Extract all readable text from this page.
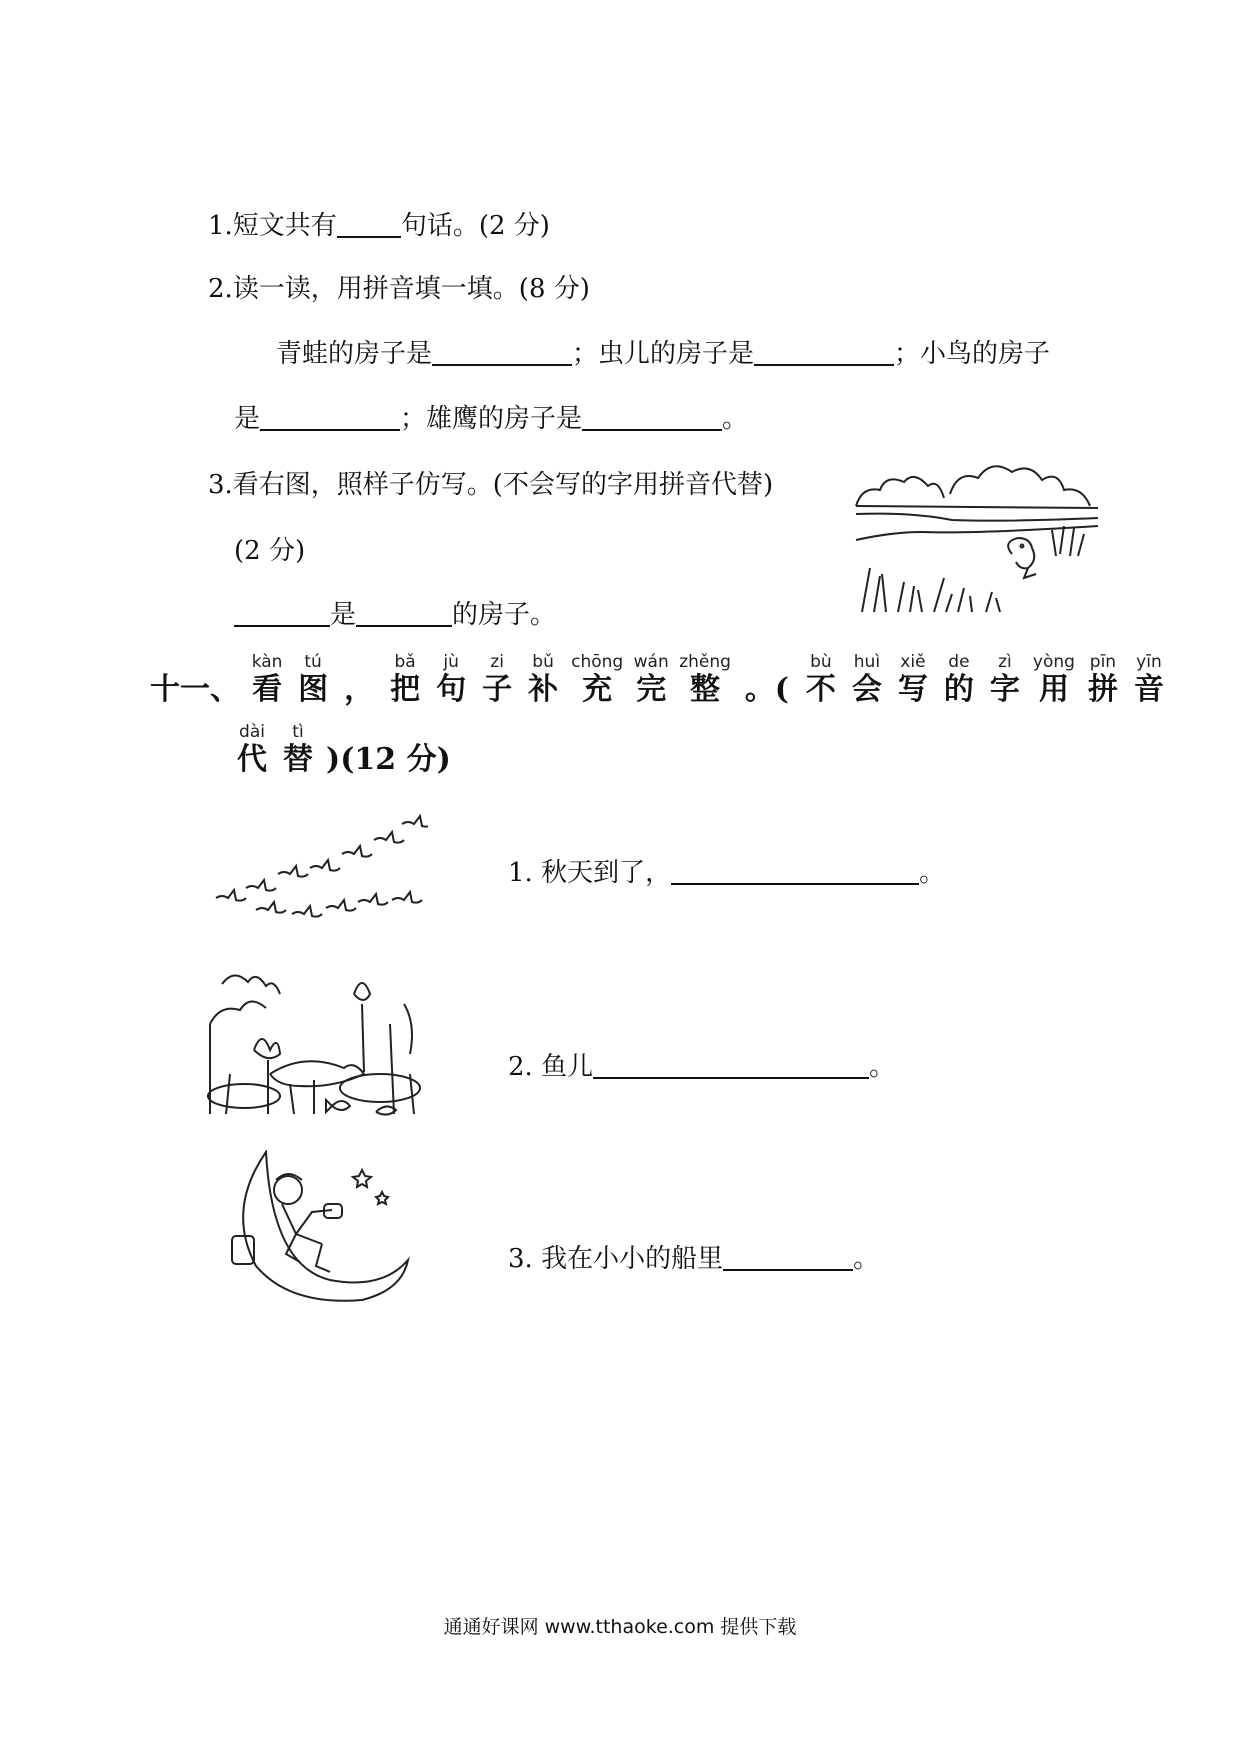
1.短文共有 句话。(2 分)
2.读一读，用拼音填一填。(8 分)
青蛙的房子是	；虫儿的房子是	；小鸟的房子
是	；雄鹰的房子是	。
3.看右图，照样子仿写。(不会写的字用拼音代替)
(2 分)
是	的房子。
十一、
kàn
看
tú
图
，
bǎ
把
jù
句
zi
子
bǔ
补
chōng
充
wán
完
zhěng
整
。(
bù
不
huì
会
xiě
写
de
的
zì
字
yòng
用
pīn
拼
yīn
音
dài
代
tì
替 )(12 分)
1. 秋天到了，	。
2. 鱼儿	。
3. 我在小小的船里	。
通通好课网 www.tthaoke.com 提供下载
